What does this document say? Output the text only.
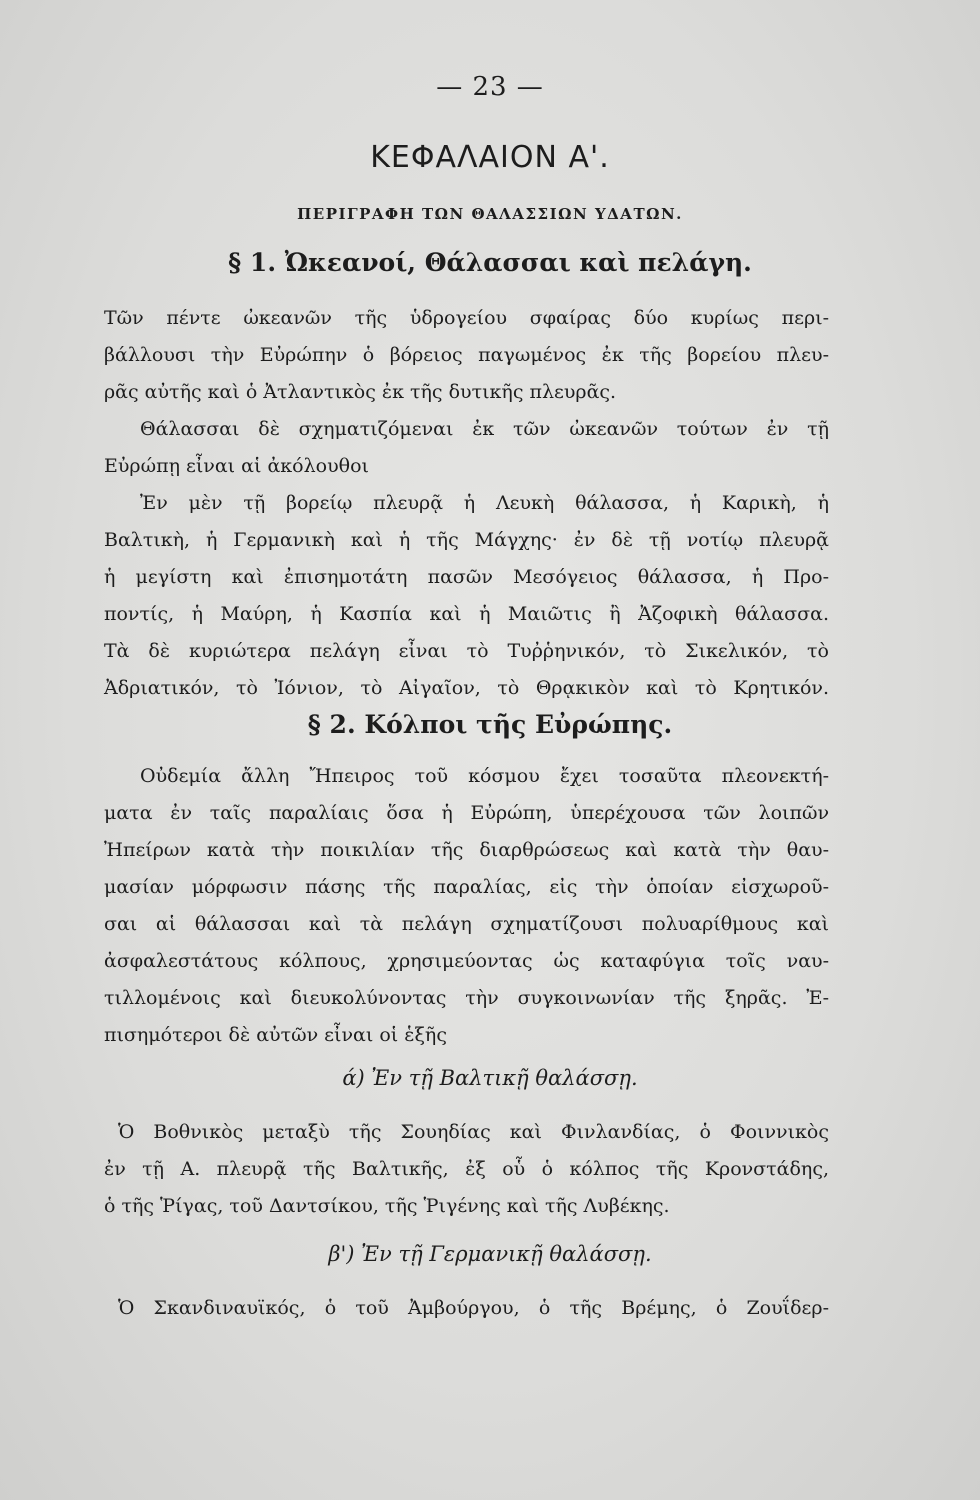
— 23 —
ΚΕΦΑΛΑΙΟΝ Α'.
ΠΕΡΙΓΡΑΦΗ ΤΩΝ ΘΑΛΑΣΣΙΩΝ ΥΔΑΤΩΝ.
§ 1. Ὠκεανοί, Θάλασσαι καὶ πελάγη.
Τῶν πέντε ὠκεανῶν τῆς ὑδρογείου σφαίρας δύο κυρίως περι-
βάλλουσι τὴν Εὐρώπην ὁ βόρειος παγωμένος ἐκ τῆς βορείου πλευ-
ρᾶς αὐτῆς καὶ ὁ Ἀτλαντικὸς ἐκ τῆς δυτικῆς πλευρᾶς.
Θάλασσαι δὲ σχηματιζόμεναι ἐκ τῶν ὠκεανῶν τούτων ἐν τῇ
Εὐρώπῃ εἶναι αἱ ἀκόλουθοι
Ἐν μὲν τῇ βορείῳ πλευρᾷ ἡ Λευκὴ θάλασσα, ἡ Καρικὴ, ἡ
Βαλτικὴ, ἡ Γερμανικὴ καὶ ἡ τῆς Μάγχης· ἐν δὲ τῇ νοτίῳ πλευρᾷ
ἡ μεγίστη καὶ ἐπισημοτάτη πασῶν Μεσόγειος θάλασσα, ἡ Προ-
ποντίς, ἡ Μαύρη, ἡ Κασπία καὶ ἡ Μαιῶτις ἢ Ἀζοφικὴ θάλασσα.
Τὰ δὲ κυριώτερα πελάγη εἶναι τὸ Τυῤῥηνικόν, τὸ Σικελικόν, τὸ
Ἀδριατικόν, τὸ Ἰόνιον, τὸ Αἰγαῖον, τὸ Θρᾳκικὸν καὶ τὸ Κρητικόν.
§ 2. Κόλποι τῆς Εὐρώπης.
Οὐδεμία ἄλλη Ἤπειρος τοῦ κόσμου ἔχει τοσαῦτα πλεονεκτή-
ματα ἐν ταῖς παραλίαις ὅσα ἡ Εὐρώπη, ὑπερέχουσα τῶν λοιπῶν
Ἠπείρων κατὰ τὴν ποικιλίαν τῆς διαρθρώσεως καὶ κατὰ τὴν θαυ-
μασίαν μόρφωσιν πάσης τῆς παραλίας, εἰς τὴν ὁποίαν εἰσχωροῦ-
σαι αἱ θάλασσαι καὶ τὰ πελάγη σχηματίζουσι πολυαρίθμους καὶ
ἀσφαλεστάτους κόλπους, χρησιμεύοντας ὡς καταφύγια τοῖς ναυ-
τιλλομένοις καὶ διευκολύνοντας τὴν συγκοινωνίαν τῆς ξηρᾶς. Ἐ-
πισημότεροι δὲ αὐτῶν εἶναι οἱ ἑξῆς
ά) Ἐν τῇ Βαλτικῇ θαλάσσῃ.
Ὁ Βοθνικὸς μεταξὺ τῆς Σουηδίας καὶ Φινλανδίας, ὁ Φοιννικὸς
ἐν τῇ Α. πλευρᾷ τῆς Βαλτικῆς, ἐξ οὗ ὁ κόλπος τῆς Κρονστάδης,
ὁ τῆς Ῥίγας, τοῦ Δαντσίκου, τῆς Ῥιγένης καὶ τῆς Λυβέκης.
β') Ἐν τῇ Γερμανικῇ θαλάσσῃ.
Ὁ Σκανδιναυϊκός, ὁ τοῦ Ἀμβούργου, ὁ τῆς Βρέμης, ὁ Ζουΐδερ-
